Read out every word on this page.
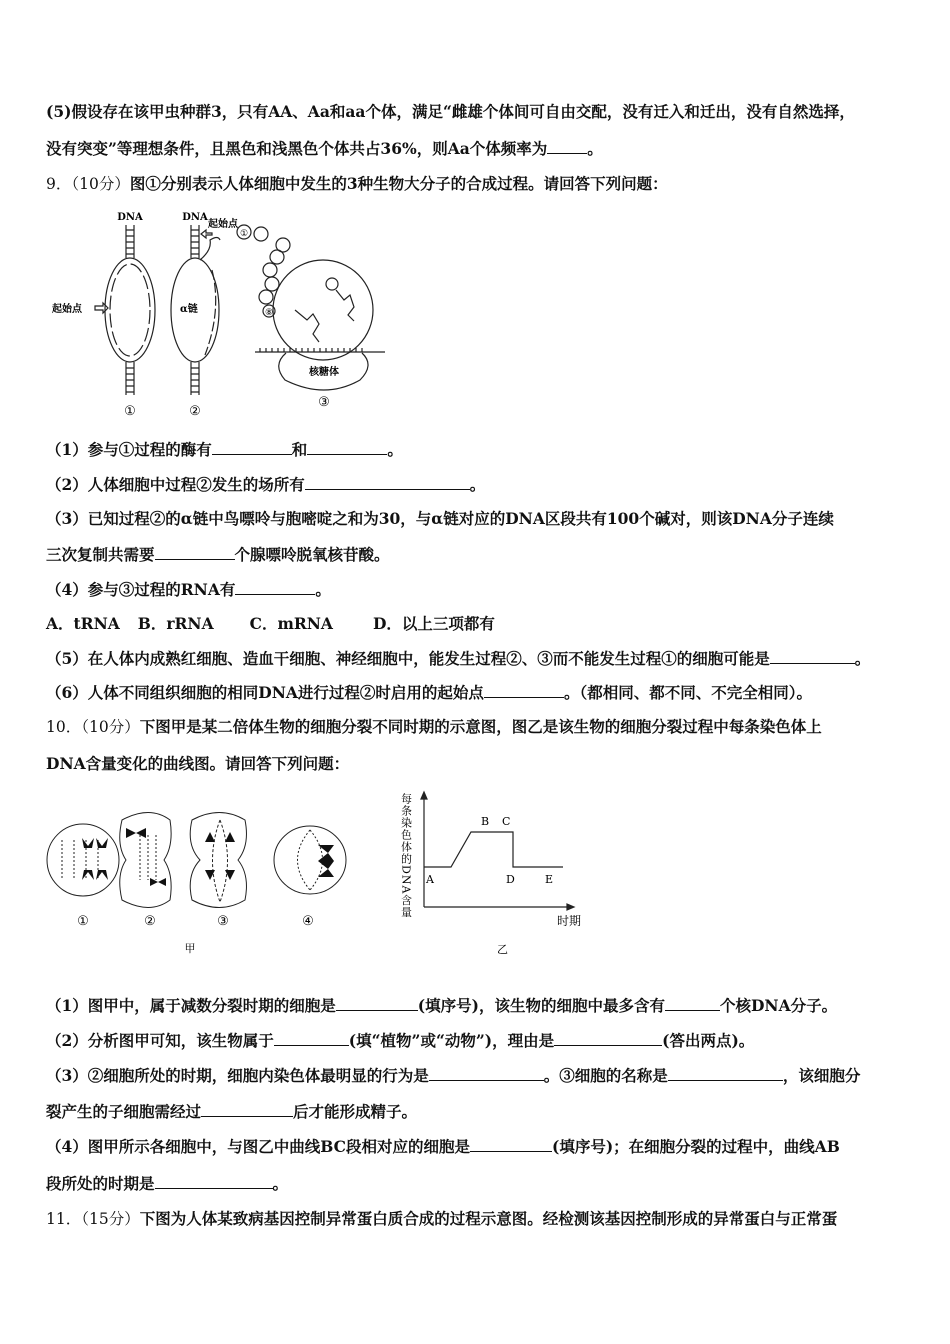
(5)假设存在该甲虫种群3，只有AA、Aa和aa个体，满足“雌雄个体间可自由交配，没有迁入和迁出，没有自然选择，
没有突变”等理想条件，且黑色和浅黑色个体共占36%，则Aa个体频率为	。
9．（10分）图①分别表示人体细胞中发生的3种生物大分子的合成过程。请回答下列问题：
DNA
起始点
①
DNA
起始点
α链
②
①
⑧
核糖体
③
（1）参与①过程的酶有	和	。
（2）人体细胞中过程②发生的场所有	。
（3）已知过程②的α链中鸟嘌呤与胞嘧啶之和为30，与α链对应的DNA区段共有100个碱对，则该DNA分子连续
三次复制共需要	个腺嘌呤脱氧核苷酸。
（4）参与③过程的RNA有	。
A．tRNA B．rRNA C．mRNA	D．以上三项都有
（5）在人体内成熟红细胞、造血干细胞、神经细胞中，能发生过程②、③而不能发生过程①的细胞可能是	。
（6）人体不同组织细胞的相同DNA进行过程②时启用的起始点	。（都相同、都不同、不完全相同）。
10．（10分）下图甲是某二倍体生物的细胞分裂不同时期的示意图，图乙是该生物的细胞分裂过程中每条染色体上
DNA含量变化的曲线图。请回答下列问题：
①	②	③	④
甲
每条染色体的DNA含量 A
B C
D	E
时期
乙
（1）图甲中，属于减数分裂时期的细胞是	(填序号)，该生物的细胞中最多含有	个核DNA分子。
（2）分析图甲可知，该生物属于	(填“植物”或“动物”)，理由是	(答出两点)。
（3）②细胞所处的时期，细胞内染色体最明显的行为是	。③细胞的名称是	，该细胞分
裂产生的子细胞需经过	后才能形成精子。
（4）图甲所示各细胞中，与图乙中曲线BC段相对应的细胞是	(填序号)；在细胞分裂的过程中，曲线AB
段所处的时期是	。
11．（15分）下图为人体某致病基因控制异常蛋白质合成的过程示意图。经检测该基因控制形成的异常蛋白与正常蛋
